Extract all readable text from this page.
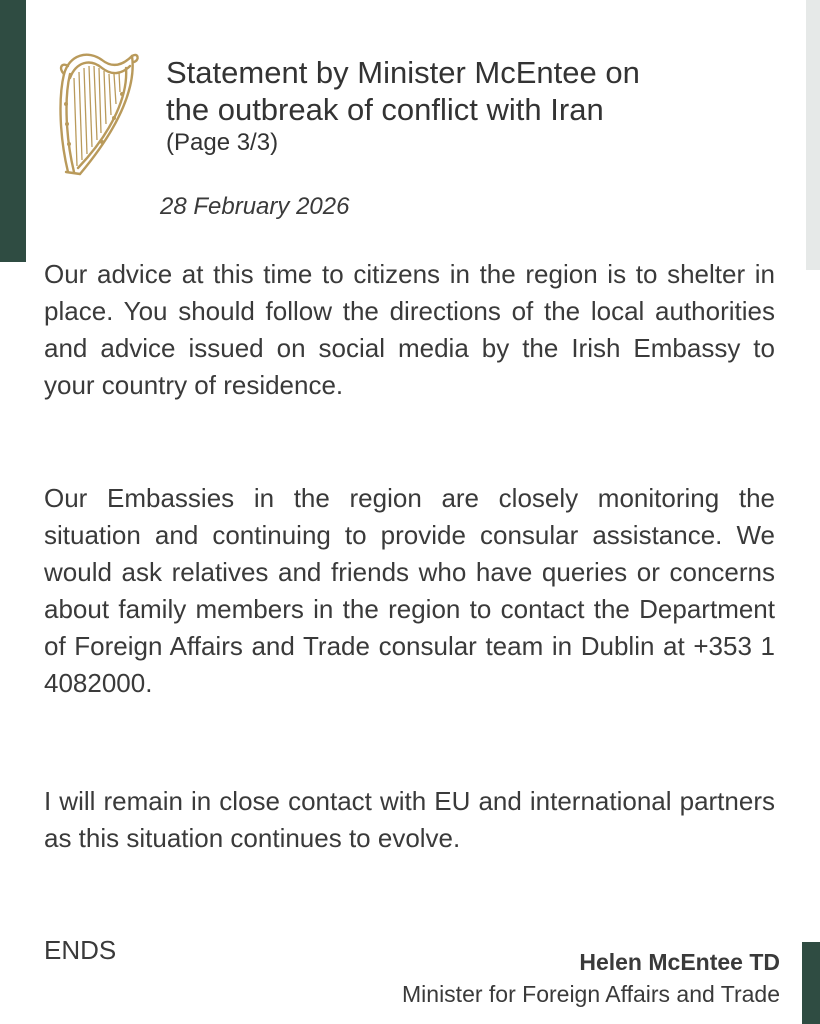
Statement by Minister McEntee on
the outbreak of conflict with Iran
(Page 3/3)
28 February 2026

Our advice at this time to citizens in the region is to shelter in place. You should follow the directions of the local authorities and advice issued on social media by the Irish Embassy to your country of residence.

Our Embassies in the region are closely monitoring the situation and continuing to provide consular assistance. We would ask relatives and friends who have queries or concerns about family members in the region to contact the Department of Foreign Affairs and Trade consular team in Dublin at +353 1 4082000.

I will remain in close contact with EU and international partners as this situation continues to evolve.

ENDS	Helen McEntee TD
Minister for Foreign Affairs and Trade
